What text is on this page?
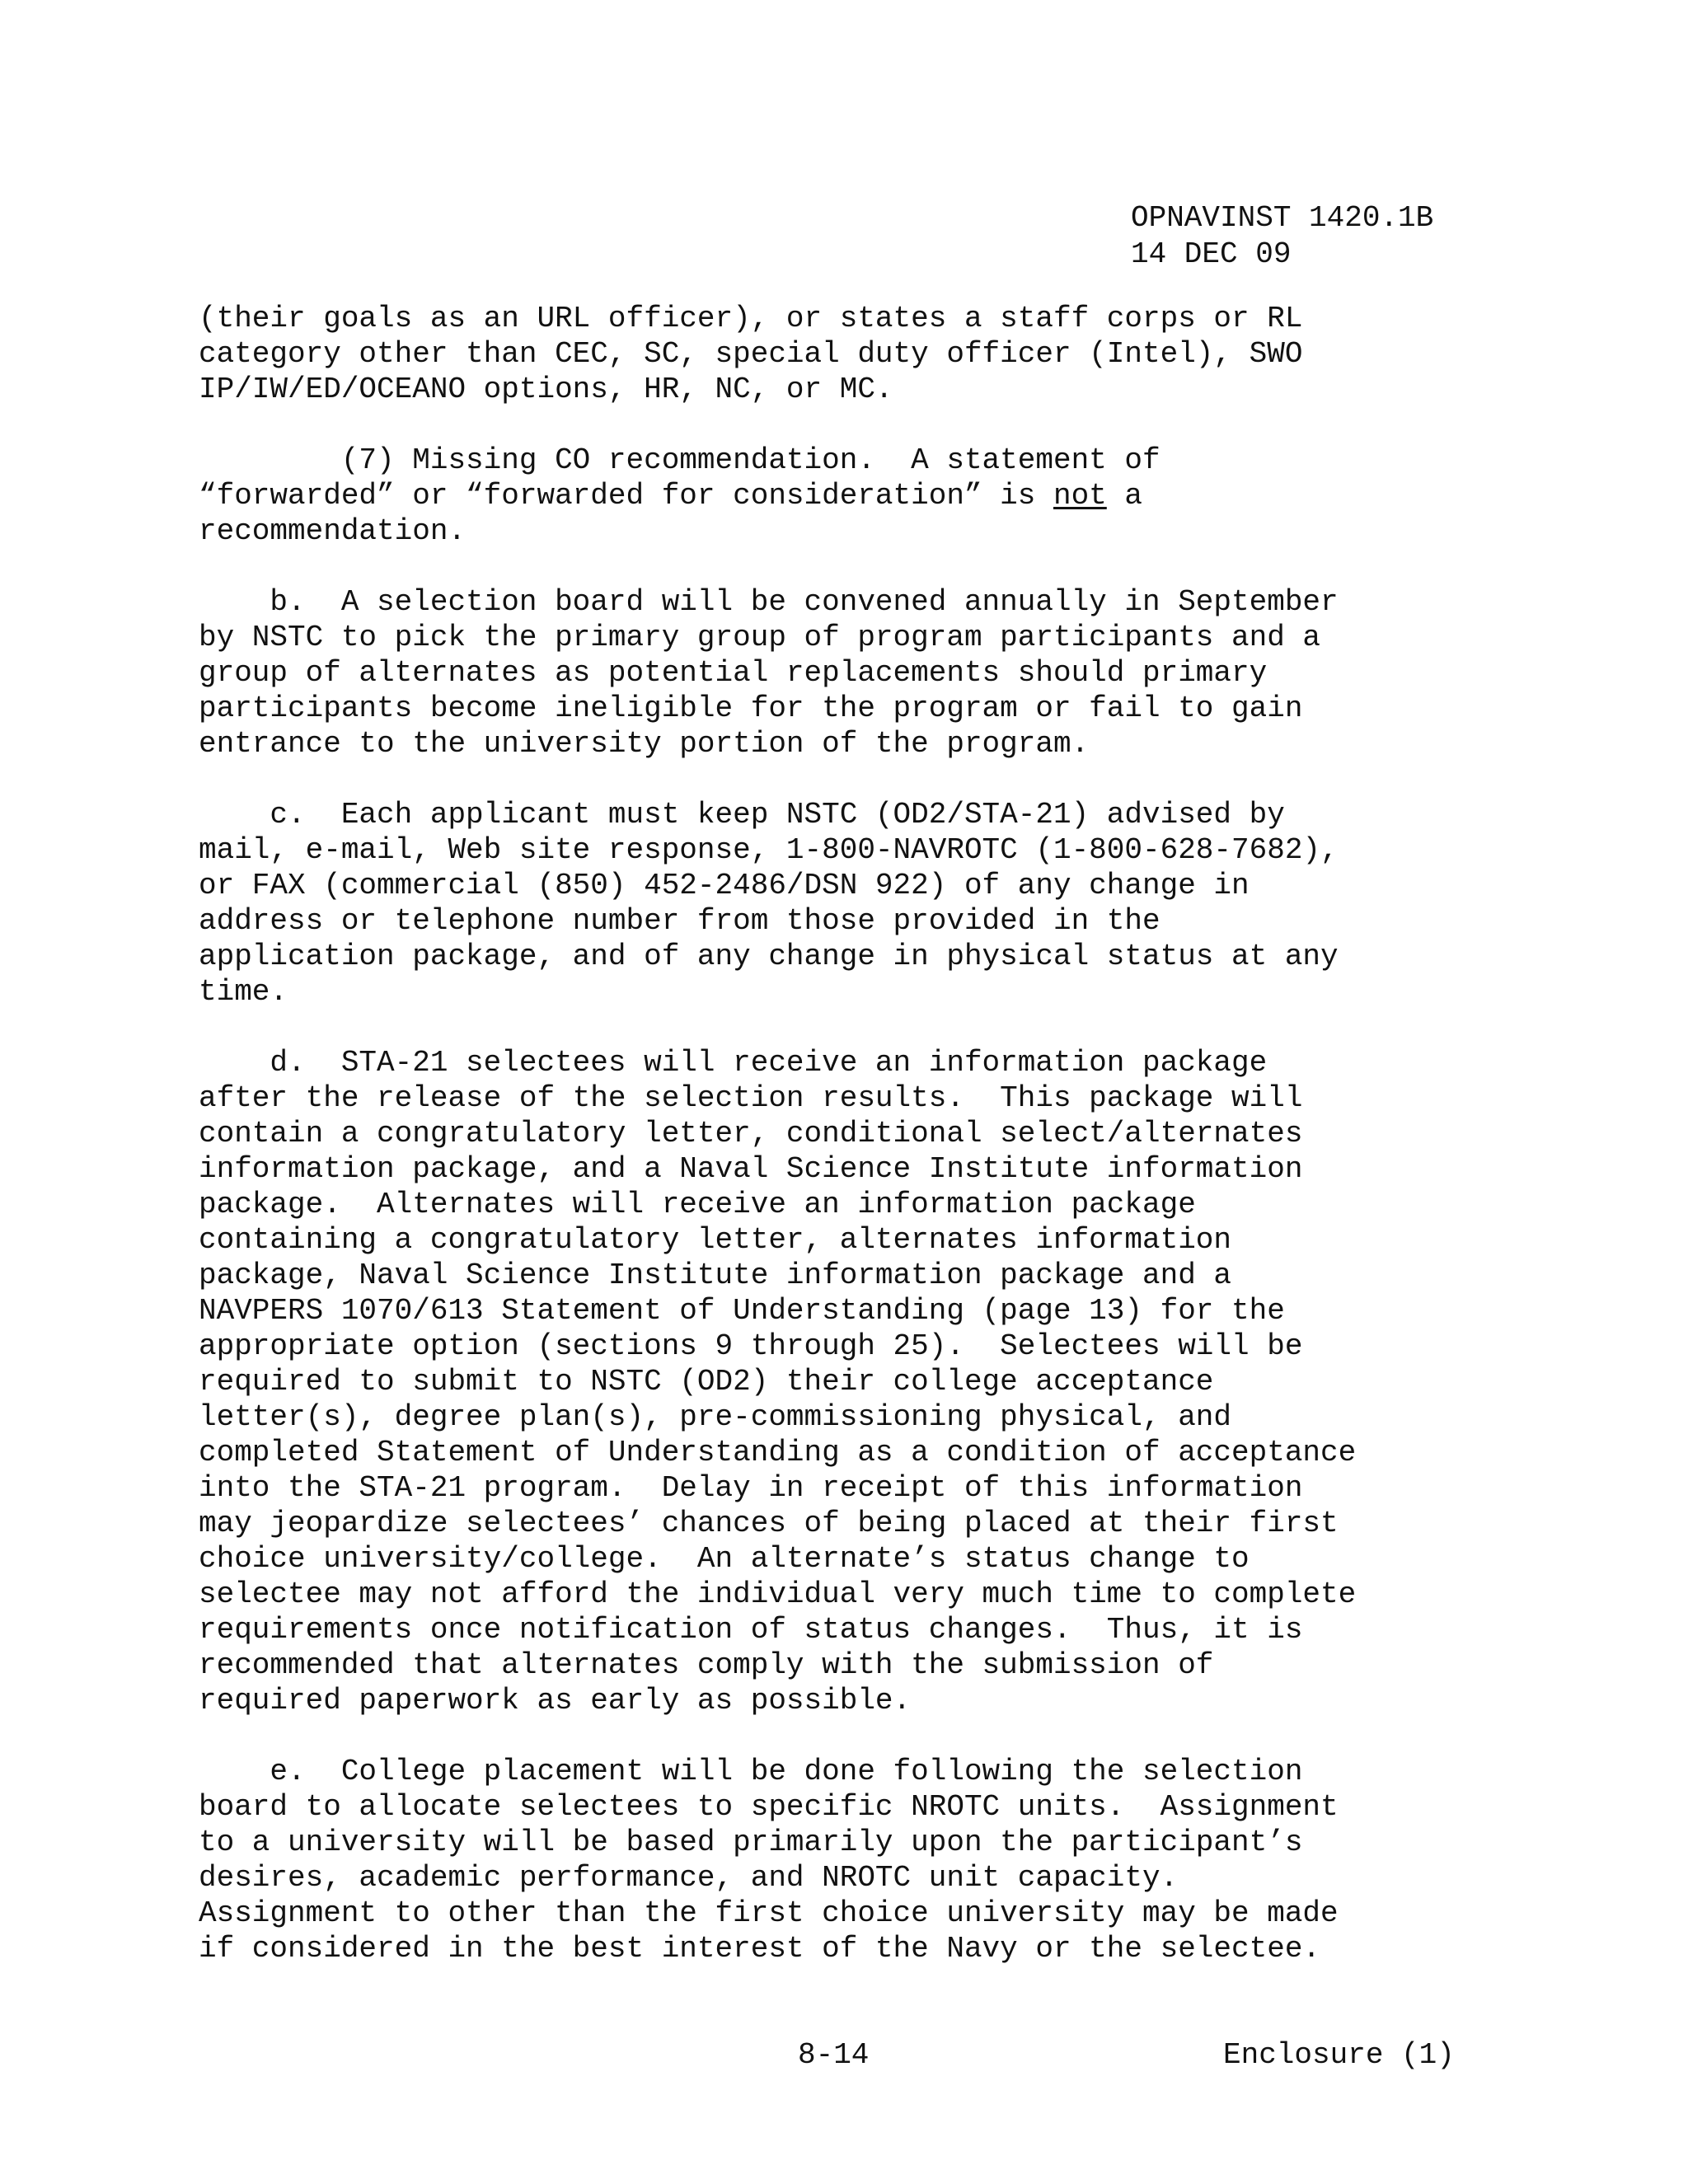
OPNAVINST 1420.1B
14 DEC 09
(their goals as an URL officer), or states a staff corps or RL
category other than CEC, SC, special duty officer (Intel), SWO
IP/IW/ED/OCEANO options, HR, NC, or MC.
(7) Missing CO recommendation.  A statement of
“forwarded” or “forwarded for consideration” is not a
recommendation.
b.  A selection board will be convened annually in September
by NSTC to pick the primary group of program participants and a
group of alternates as potential replacements should primary
participants become ineligible for the program or fail to gain
entrance to the university portion of the program.
c.  Each applicant must keep NSTC (OD2/STA-21) advised by
mail, e-mail, Web site response, 1-800-NAVROTC (1-800-628-7682),
or FAX (commercial (850) 452-2486/DSN 922) of any change in
address or telephone number from those provided in the
application package, and of any change in physical status at any
time.
d.  STA-21 selectees will receive an information package
after the release of the selection results.  This package will
contain a congratulatory letter, conditional select/alternates
information package, and a Naval Science Institute information
package.  Alternates will receive an information package
containing a congratulatory letter, alternates information
package, Naval Science Institute information package and a
NAVPERS 1070/613 Statement of Understanding (page 13) for the
appropriate option (sections 9 through 25).  Selectees will be
required to submit to NSTC (OD2) their college acceptance
letter(s), degree plan(s), pre-commissioning physical, and
completed Statement of Understanding as a condition of acceptance
into the STA-21 program.  Delay in receipt of this information
may jeopardize selectees’ chances of being placed at their first
choice university/college.  An alternate’s status change to
selectee may not afford the individual very much time to complete
requirements once notification of status changes.  Thus, it is
recommended that alternates comply with the submission of
required paperwork as early as possible.
e.  College placement will be done following the selection
board to allocate selectees to specific NROTC units.  Assignment
to a university will be based primarily upon the participant’s
desires, academic performance, and NROTC unit capacity.
Assignment to other than the first choice university may be made
if considered in the best interest of the Navy or the selectee.
8-14	Enclosure (1)
